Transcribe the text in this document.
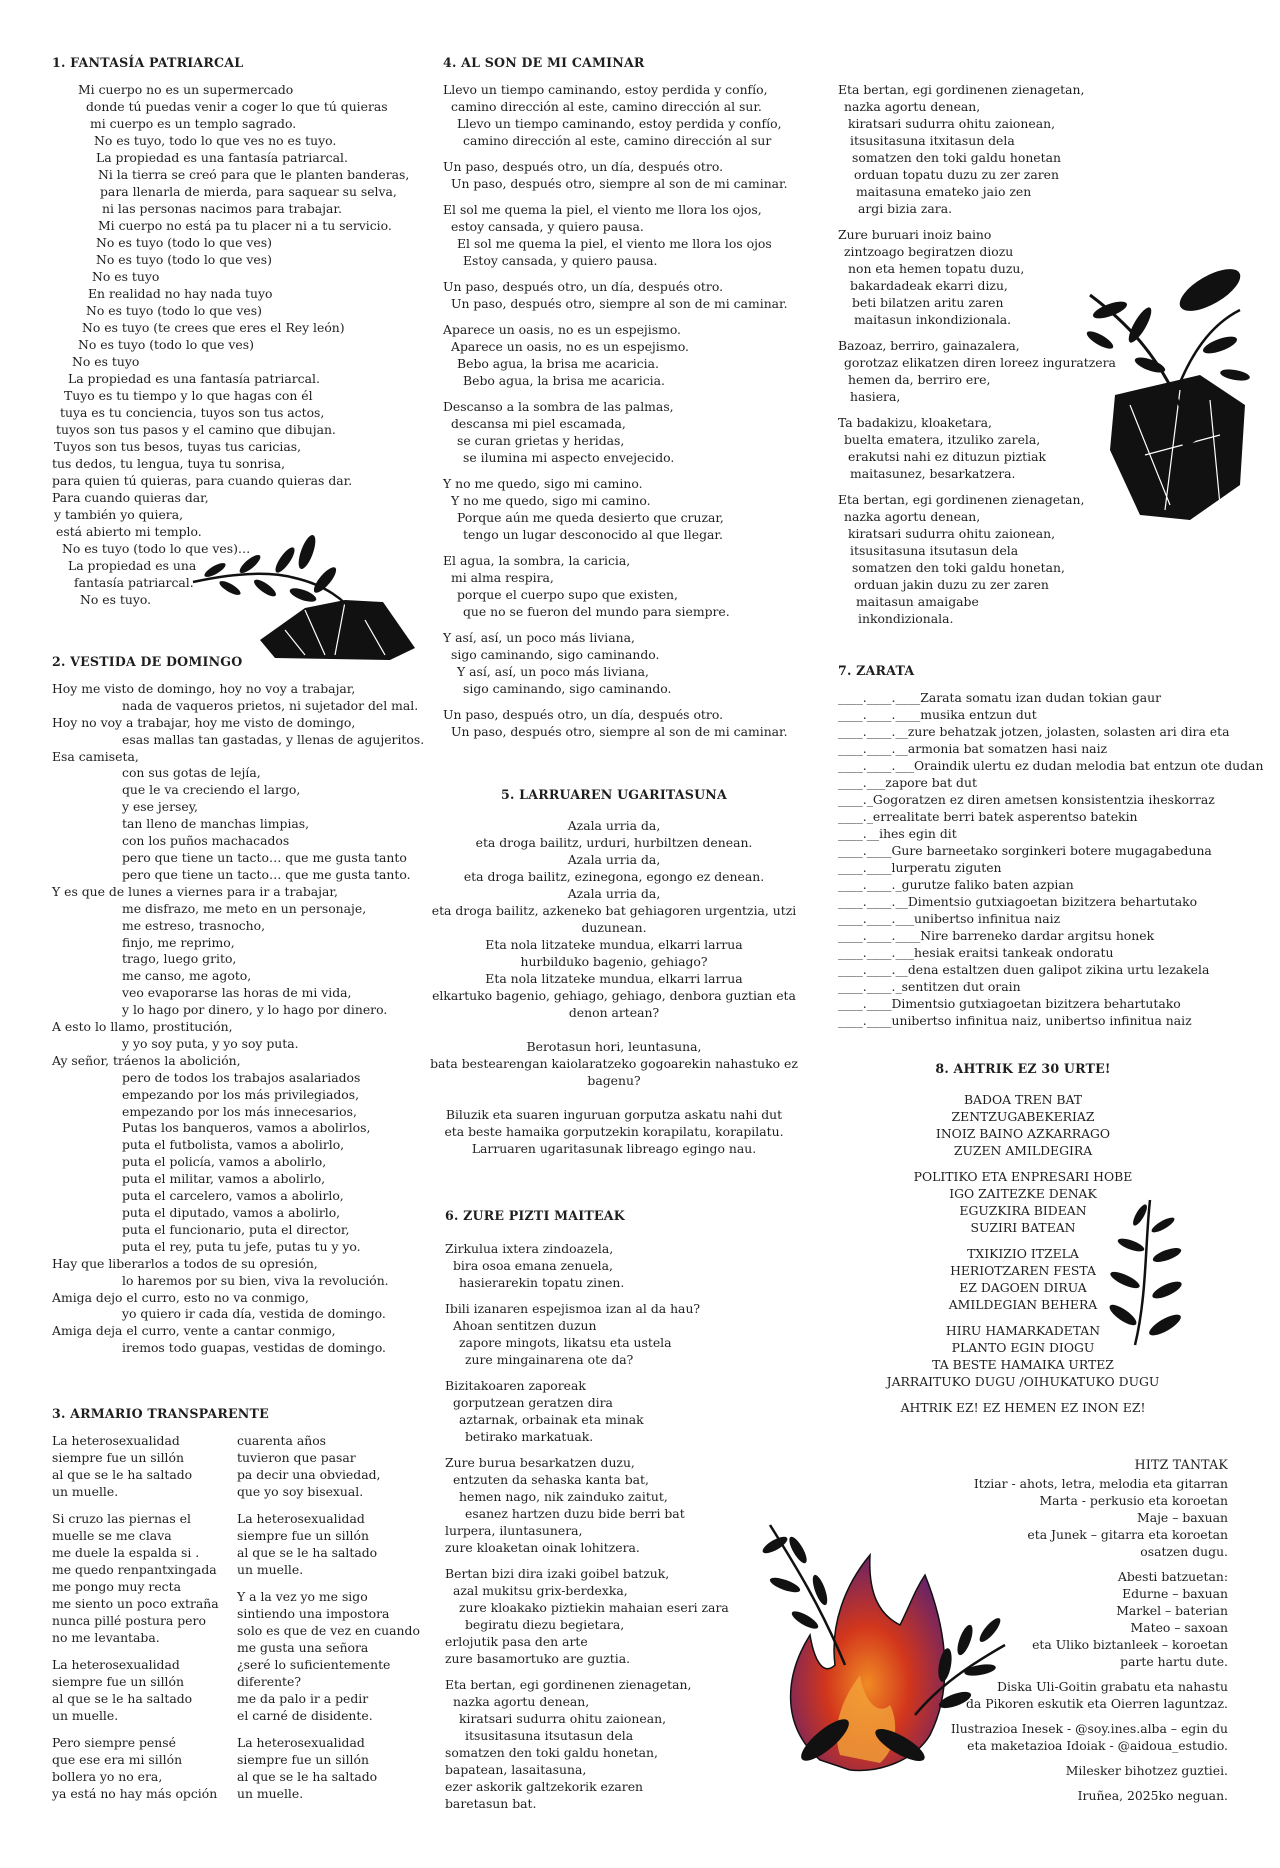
1. FANTASÍA PATRIARCAL

Mi cuerpo no es un supermercado

donde tú puedas venir a coger lo que tú quieras

mi cuerpo es un templo sagrado.

No es tuyo, todo lo que ves no es tuyo.

La propiedad es una fantasía patriarcal.

Ni la tierra se creó para que le planten banderas,

para llenarla de mierda, para saquear su selva,

ni las personas nacimos para trabajar.

Mi cuerpo no está pa tu placer ni a tu servicio.

No es tuyo (todo lo que ves)

No es tuyo (todo lo que ves)

No es tuyo

En realidad no hay nada tuyo

No es tuyo (todo lo que ves)

No es tuyo (te crees que eres el Rey león)

No es tuyo (todo lo que ves)

No es tuyo

La propiedad es una fantasía patriarcal.

Tuyo es tu tiempo y lo que hagas con él

tuya es tu conciencia, tuyos son tus actos,

tuyos son tus pasos y el camino que dibujan.

Tuyos son tus besos, tuyas tus caricias,

tus dedos, tu lengua, tuya tu sonrisa,

para quien tú quieras, para cuando quieras dar.

Para cuando quieras dar,

y también yo quiera,

está abierto mi templo.

No es tuyo (todo lo que ves)…

La propiedad es una

fantasía patriarcal.

No es tuyo.

2. VESTIDA DE DOMINGO

Hoy me visto de domingo, hoy no voy a trabajar,

nada de vaqueros prietos, ni sujetador del mal.

Hoy no voy a trabajar, hoy me visto de domingo,

esas mallas tan gastadas, y llenas de agujeritos.

Esa camiseta,

con sus gotas de lejía,

que le va creciendo el largo,

y ese jersey,

tan lleno de manchas limpias,

con los puños machacados

pero que tiene un tacto… que me gusta tanto

pero que tiene un tacto… que me gusta tanto.

Y es que de lunes a viernes para ir a trabajar,

me disfrazo, me meto en un personaje,

me estreso, trasnocho,

finjo, me reprimo,

trago, luego grito,

me canso, me agoto,

veo evaporarse las horas de mi vida,

y lo hago por dinero, y lo hago por dinero.

A esto lo llamo, prostitución,

y yo soy puta, y yo soy puta.

Ay señor, tráenos la abolición,

pero de todos los trabajos asalariados

empezando por los más privilegiados,

empezando por los más innecesarios,

Putas los banqueros, vamos a abolirlos,

puta el futbolista, vamos a abolirlo,

puta el policía, vamos a abolirlo,

puta el militar, vamos a abolirlo,

puta el carcelero, vamos a abolirlo,

puta el diputado, vamos a abolirlo,

puta el funcionario, puta el director,

puta el rey, puta tu jefe, putas tu y yo.

Hay que liberarlos a todos de su opresión,

lo haremos por su bien, viva la revolución.

Amiga dejo el curro, esto no va conmigo,

yo quiero ir cada día, vestida de domingo.

Amiga deja el curro, vente a cantar conmigo,

iremos todo guapas, vestidas de domingo.

3. ARMARIO TRANSPARENTE

La heterosexualidad

siempre fue un sillón

al que se le ha saltado

un muelle.

Si cruzo las piernas el

muelle se me clava

me duele la espalda si .

me quedo renpantxingada

me pongo muy recta

me siento un poco extraña

nunca pillé postura pero

no me levantaba.

La heterosexualidad

siempre fue un sillón

al que se le ha saltado

un muelle.

Pero siempre pensé

que ese era mi sillón

bollera yo no era,

ya está no hay más opción

cuarenta años

tuvieron que pasar

pa decir una obviedad,

que yo soy bisexual.

La heterosexualidad

siempre fue un sillón

al que se le ha saltado

un muelle.

Y a la vez yo me sigo

sintiendo una impostora

solo es que de vez en cuando

me gusta una señora

¿seré lo suficientemente

diferente?

me da palo ir a pedir

el carné de disidente.

La heterosexualidad

siempre fue un sillón

al que se le ha saltado

un muelle.

4. AL SON DE MI CAMINAR

Llevo un tiempo caminando, estoy perdida y confío,

camino dirección al este, camino dirección al sur.

Llevo un tiempo caminando, estoy perdida y confío,

camino dirección al este, camino dirección al sur

Un paso, después otro, un día, después otro.

Un paso, después otro, siempre al son de mi caminar.

El sol me quema la piel, el viento me llora los ojos,

estoy cansada, y quiero pausa.

El sol me quema la piel, el viento me llora los ojos

Estoy cansada, y quiero pausa.

Un paso, después otro, un día, después otro.

Un paso, después otro, siempre al son de mi caminar.

Aparece un oasis, no es un espejismo.

Aparece un oasis, no es un espejismo.

Bebo agua, la brisa me acaricia.

Bebo agua, la brisa me acaricia.

Descanso a la sombra de las palmas,

descansa mi piel escamada,

se curan grietas y heridas,

se ilumina mi aspecto envejecido.

Y no me quedo, sigo mi camino.

Y no me quedo, sigo mi camino.

Porque aún me queda desierto que cruzar,

tengo un lugar desconocido al que llegar.

El agua, la sombra, la caricia,

mi alma respira,

porque el cuerpo supo que existen,

que no se fueron del mundo para siempre.

Y así, así, un poco más liviana,

sigo caminando, sigo caminando.

Y así, así, un poco más liviana,

sigo caminando, sigo caminando.

Un paso, después otro, un día, después otro.

Un paso, después otro, siempre al son de mi caminar.

5. LARRUAREN UGARITASUNA

Azala urria da,

eta droga bailitz, urduri, hurbiltzen denean.

Azala urria da,

eta droga bailitz, ezinegona, egongo ez denean.

Azala urria da,

eta droga bailitz, azkeneko bat gehiagoren urgentzia, utzi duzunean.

Eta nola litzateke mundua, elkarri larrua

hurbilduko bagenio, gehiago?

Eta nola litzateke mundua, elkarri larrua

elkartuko bagenio, gehiago, gehiago, denbora guztian eta denon artean?

Berotasun hori, leuntasuna,

bata bestearengan kaiolaratzeko gogoarekin nahastuko ez bagenu?

Biluzik eta suaren inguruan gorputza askatu nahi dut

eta beste hamaika gorputzekin korapilatu, korapilatu.

Larruaren ugaritasunak libreago egingo nau.

6. ZURE PIZTI MAITEAK

Zirkulua ixtera zindoazela,

bira osoa emana zenuela,

hasierarekin topatu zinen.

Ibili izanaren espejismoa izan al da hau?

Ahoan sentitzen duzun

zapore mingots, likatsu eta ustela

zure mingainarena ote da?

Bizitakoaren zaporeak

gorputzean geratzen dira

aztarnak, orbainak eta minak

betirako markatuak.

Zure burua besarkatzen duzu,

entzuten da sehaska kanta bat,

hemen nago, nik zainduko zaitut,

esanez hartzen duzu bide berri bat

lurpera, iluntasunera,

zure kloaketan oinak lohitzera.

Bertan bizi dira izaki goibel batzuk,

azal mukitsu grix-berdexka,

zure kloakako piztiekin mahaian eseri zara

begiratu diezu begietara,

erlojutik pasa den arte

zure basamortuko are guztia.

Eta bertan, egi gordinenen zienagetan,

nazka agortu denean,

kiratsari sudurra ohitu zaionean,

itsusitasuna itsutasun dela

somatzen den toki galdu honetan,

bapatean, lasaitasuna,

ezer askorik galtzekorik ezaren

baretasun bat.

Eta bertan, egi gordinenen zienagetan,

nazka agortu denean,

kiratsari sudurra ohitu zaionean,

itsusitasuna itxitasun dela

somatzen den toki galdu honetan

orduan topatu duzu zu zer zaren

maitasuna emateko jaio zen

argi bizia zara.

Zure buruari inoiz baino

zintzoago begiratzen diozu

non eta hemen topatu duzu,

bakardadeak ekarri dizu,

beti bilatzen aritu zaren

maitasun inkondizionala.

Bazoaz, berriro, gainazalera,

gorotzaz elikatzen diren loreez inguratzera

hemen da, berriro ere,

hasiera,

Ta badakizu, kloaketara,

buelta ematera, itzuliko zarela,

erakutsi nahi ez dituzun piztiak

maitasunez, besarkatzera.

Eta bertan, egi gordinenen zienagetan,

nazka agortu denean,

kiratsari sudurra ohitu zaionean,

itsusitasuna itsutasun dela

somatzen den toki galdu honetan,

orduan jakin duzu zu zer zaren

maitasun amaigabe

inkondizionala.

7. ZARATA

____.____.____Zarata somatu izan dudan tokian gaur

____.____.____musika entzun dut

____.____.__zure behatzak jotzen, jolasten, solasten ari dira eta

____.____.__armonia bat somatzen hasi naiz

____.____.___Oraindik ulertu ez dudan melodia bat entzun ote dudan

____.___zapore bat dut

____._Gogoratzen ez diren ametsen konsistentzia iheskorraz

____._errealitate berri batek asperentso batekin

____.__ihes egin dit

____.____Gure barneetako sorginkeri botere mugagabeduna

____.____lurperatu ziguten

____.____._gurutze faliko baten azpian

____.____.__Dimentsio gutxiagoetan bizitzera behartutako

____.____.___unibertso infinitua naiz

____.____.____Nire barreneko dardar argitsu honek

____.____.___hesiak eraitsi tankeak ondoratu

____.____.__dena estaltzen duen galipot zikina urtu lezakela

____.____._sentitzen dut orain

____.____Dimentsio gutxiagoetan bizitzera behartutako

____.____unibertso infinitua naiz, unibertso infinitua naiz

8. AHTRIK EZ 30 URTE!

BADOA TREN BAT

ZENTZUGABEKERIAZ

INOIZ BAINO AZKARRAGO

ZUZEN AMILDEGIRA

POLITIKO ETA ENPRESARI HOBE

IGO ZAITEZKE DENAK

EGUZKIRA BIDEAN

SUZIRI BATEAN

TXIKIZIO ITZELA

HERIOTZAREN FESTA

EZ DAGOEN DIRUA

AMILDEGIAN BEHERA

HIRU HAMARKADETAN

PLANTO EGIN DIOGU

TA BESTE HAMAIKA URTEZ

JARRAITUKO DUGU /OIHUKATUKO DUGU

AHTRIK EZ! EZ HEMEN EZ INON EZ!

HITZ TANTAK

Itziar - ahots, letra, melodia eta gitarran

Marta - perkusio eta koroetan

Maje – baxuan

eta Junek – gitarra eta koroetan

osatzen dugu.

Abesti batzuetan:

Edurne – baxuan

Markel – baterian

Mateo – saxoan

eta Uliko biztanleek – koroetan

parte hartu dute.

Diska Uli-Goitin grabatu eta nahastu

da Pikoren eskutik eta Oierren laguntzaz.

Ilustrazioa Inesek - @soy.ines.alba – egin du

eta maketazioa Idoiak - @aidoua_estudio.

Milesker bihotzez guztiei.

Iruñea, 2025ko neguan.
